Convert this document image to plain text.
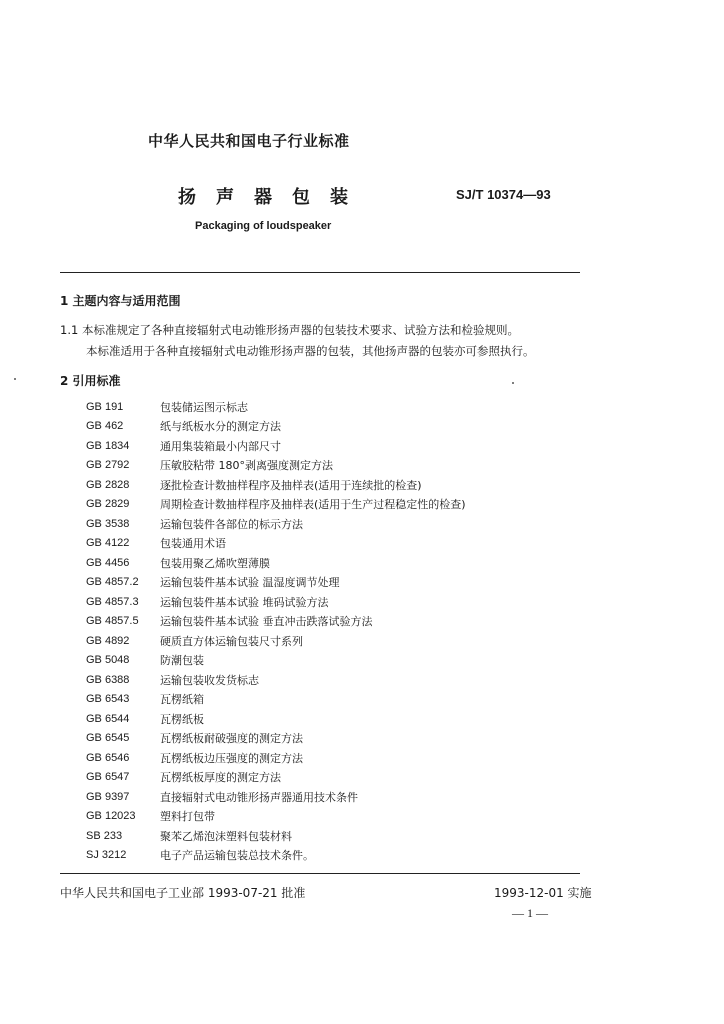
中华人民共和国电子行业标准
扬声器包装	SJ/T 10374—93
Packaging of loudspeaker
1 主题内容与适用范围
1.1 本标准规定了各种直接辐射式电动锥形扬声器的包装技术要求、试验方法和检验规则。
本标准适用于各种直接辐射式电动锥形扬声器的包装，其他扬声器的包装亦可参照执行。
2 引用标准
GB 191	包装储运图示标志
GB 462	纸与纸板水分的测定方法
GB 1834	通用集装箱最小内部尺寸
GB 2792	压敏胶粘带 180°剥离强度测定方法
GB 2828	逐批检查计数抽样程序及抽样表(适用于连续批的检查)
GB 2829	周期检查计数抽样程序及抽样表(适用于生产过程稳定性的检查)
GB 3538	运输包装件各部位的标示方法
GB 4122	包装通用术语
GB 4456	包装用聚乙烯吹塑薄膜
GB 4857.2	运输包装件基本试验 温湿度调节处理
GB 4857.3	运输包装件基本试验 堆码试验方法
GB 4857.5	运输包装件基本试验 垂直冲击跌落试验方法
GB 4892	硬质直方体运输包装尺寸系列
GB 5048	防潮包装
GB 6388	运输包装收发货标志
GB 6543	瓦楞纸箱
GB 6544	瓦楞纸板
GB 6545	瓦楞纸板耐破强度的测定方法
GB 6546	瓦楞纸板边压强度的测定方法
GB 6547	瓦楞纸板厚度的测定方法
GB 9397	直接辐射式电动锥形扬声器通用技术条件
GB 12023	塑料打包带
SB 233	聚苯乙烯泡沫塑料包装材料
SJ 3212	电子产品运输包装总技术条件。
中华人民共和国电子工业部 1993-07-21 批准	1993-12-01 实施
— 1 —
